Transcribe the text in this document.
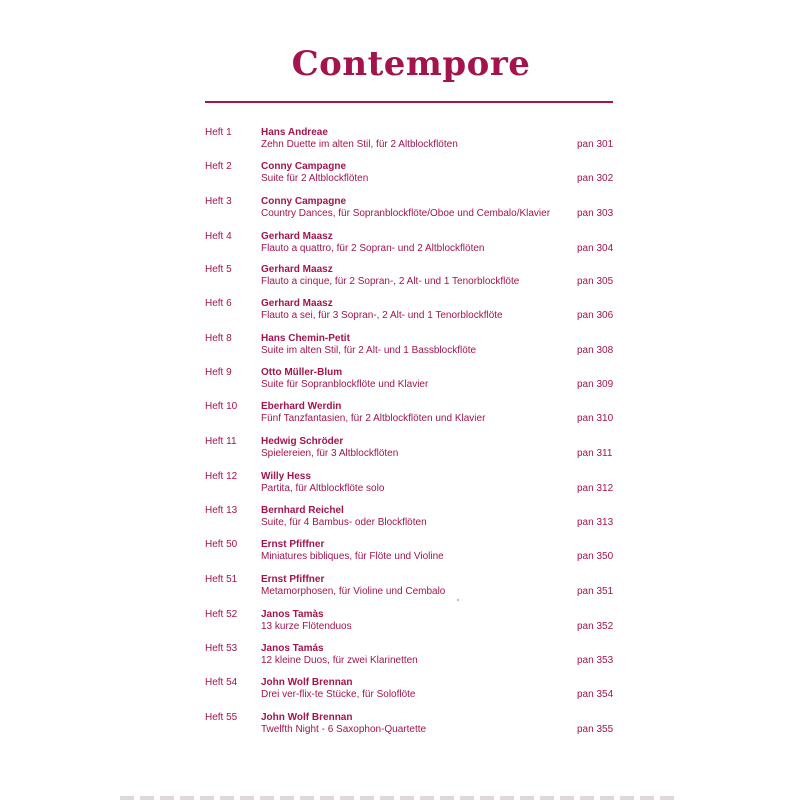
Contempore
Heft 1	Hans Andreae
Zehn Duette im alten Stil, für 2 Altblockflöten	pan 301
Heft 2	Conny Campagne
Suite für 2 Altblockflöten	pan 302
Heft 3	Conny Campagne
Country Dances, für Sopranblockflöte/Oboe und Cembalo/Klavier	pan 303
Heft 4	Gerhard Maasz
Flauto a quattro, für 2 Sopran- und 2 Altblockflöten	pan 304
Heft 5	Gerhard Maasz
Flauto a cinque, für 2 Sopran-, 2 Alt- und 1 Tenorblockflöte	pan 305
Heft 6	Gerhard Maasz
Flauto a sei, für 3 Sopran-, 2 Alt- und 1 Tenorblockflöte	pan 306
Heft 8	Hans Chemin-Petit
Suite im alten Stil, für 2 Alt- und 1 Bassblockflöte	pan 308
Heft 9	Otto Müller-Blum
Suite für Sopranblockflöte und Klavier	pan 309
Heft 10 Eberhard Werdin
Fünf Tanzfantasien, für 2 Altblockflöten und Klavier	pan 310
Heft 11 Hedwig Schröder
Spielereien, für 3 Altblockflöten	pan 311
Heft 12 Willy Hess
Partita, für Altblockflöte solo	pan 312
Heft 13 Bernhard Reichel
Suite, für 4 Bambus- oder Blockflöten	pan 313
Heft 50 Ernst Pfiffner
Miniatures bibliques, für Flöte und Violine	pan 350
Heft 51 Ernst Pfiffner
Metamorphosen, für Violine und Cembalo	pan 351
Heft 52 Janos Tamàs
13 kurze Flötenduos	pan 352
Heft 53 Janos Tamás
12 kleine Duos, für zwei Klarinetten	pan 353
Heft 54 John Wolf Brennan
Drei ver-flix-te Stücke, für Soloflöte	pan 354
Heft 55 John Wolf Brennan
Twelfth Night - 6 Saxophon-Quartette	pan 355
